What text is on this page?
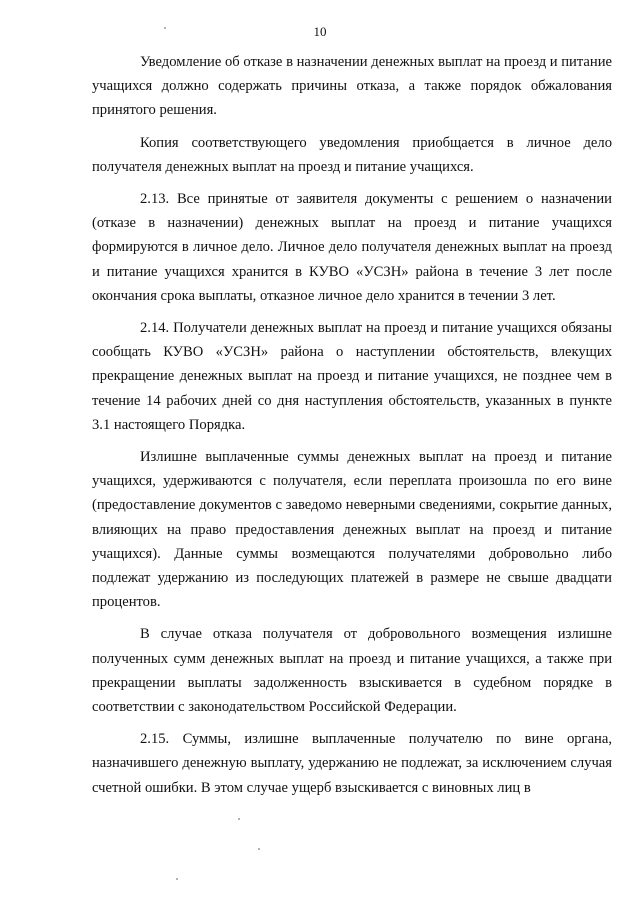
10

Уведомление об отказе в назначении денежных выплат на проезд и питание учащихся должно содержать причины отказа, а также порядок обжалования принятого решения.

Копия соответствующего уведомления приобщается в личное дело получателя денежных выплат на проезд и питание учащихся.

2.13. Все принятые от заявителя документы с решением о назначении (отказе в назначении) денежных выплат на проезд и питание учащихся формируются в личное дело. Личное дело получателя денежных выплат на проезд и питание учащихся хранится в КУВО «УСЗН» района в течение 3 лет после окончания срока выплаты, отказное личное дело хранится в течении 3 лет.

2.14. Получатели денежных выплат на проезд и питание учащихся обязаны сообщать КУВО «УСЗН» района о наступлении обстоятельств, влекущих прекращение денежных выплат на проезд и питание учащихся, не позднее чем в течение 14 рабочих дней со дня наступления обстоятельств, указанных в пункте 3.1 настоящего Порядка.

Излишне выплаченные суммы денежных выплат на проезд и питание учащихся, удерживаются с получателя, если переплата произошла по его вине (предоставление документов с заведомо неверными сведениями, сокрытие данных, влияющих на право предоставления денежных выплат на проезд и питание учащихся). Данные суммы возмещаются получателями добровольно либо подлежат удержанию из последующих платежей в размере не свыше двадцати процентов.

В случае отказа получателя от добровольного возмещения излишне полученных сумм денежных выплат на проезд и питание учащихся, а также при прекращении выплаты задолженность взыскивается в судебном порядке в соответствии с законодательством Российской Федерации.

2.15. Суммы, излишне выплаченные получателю по вине органа, назначившего денежную выплату, удержанию не подлежат, за исключением случая счетной ошибки. В этом случае ущерб взыскивается с виновных лиц в
